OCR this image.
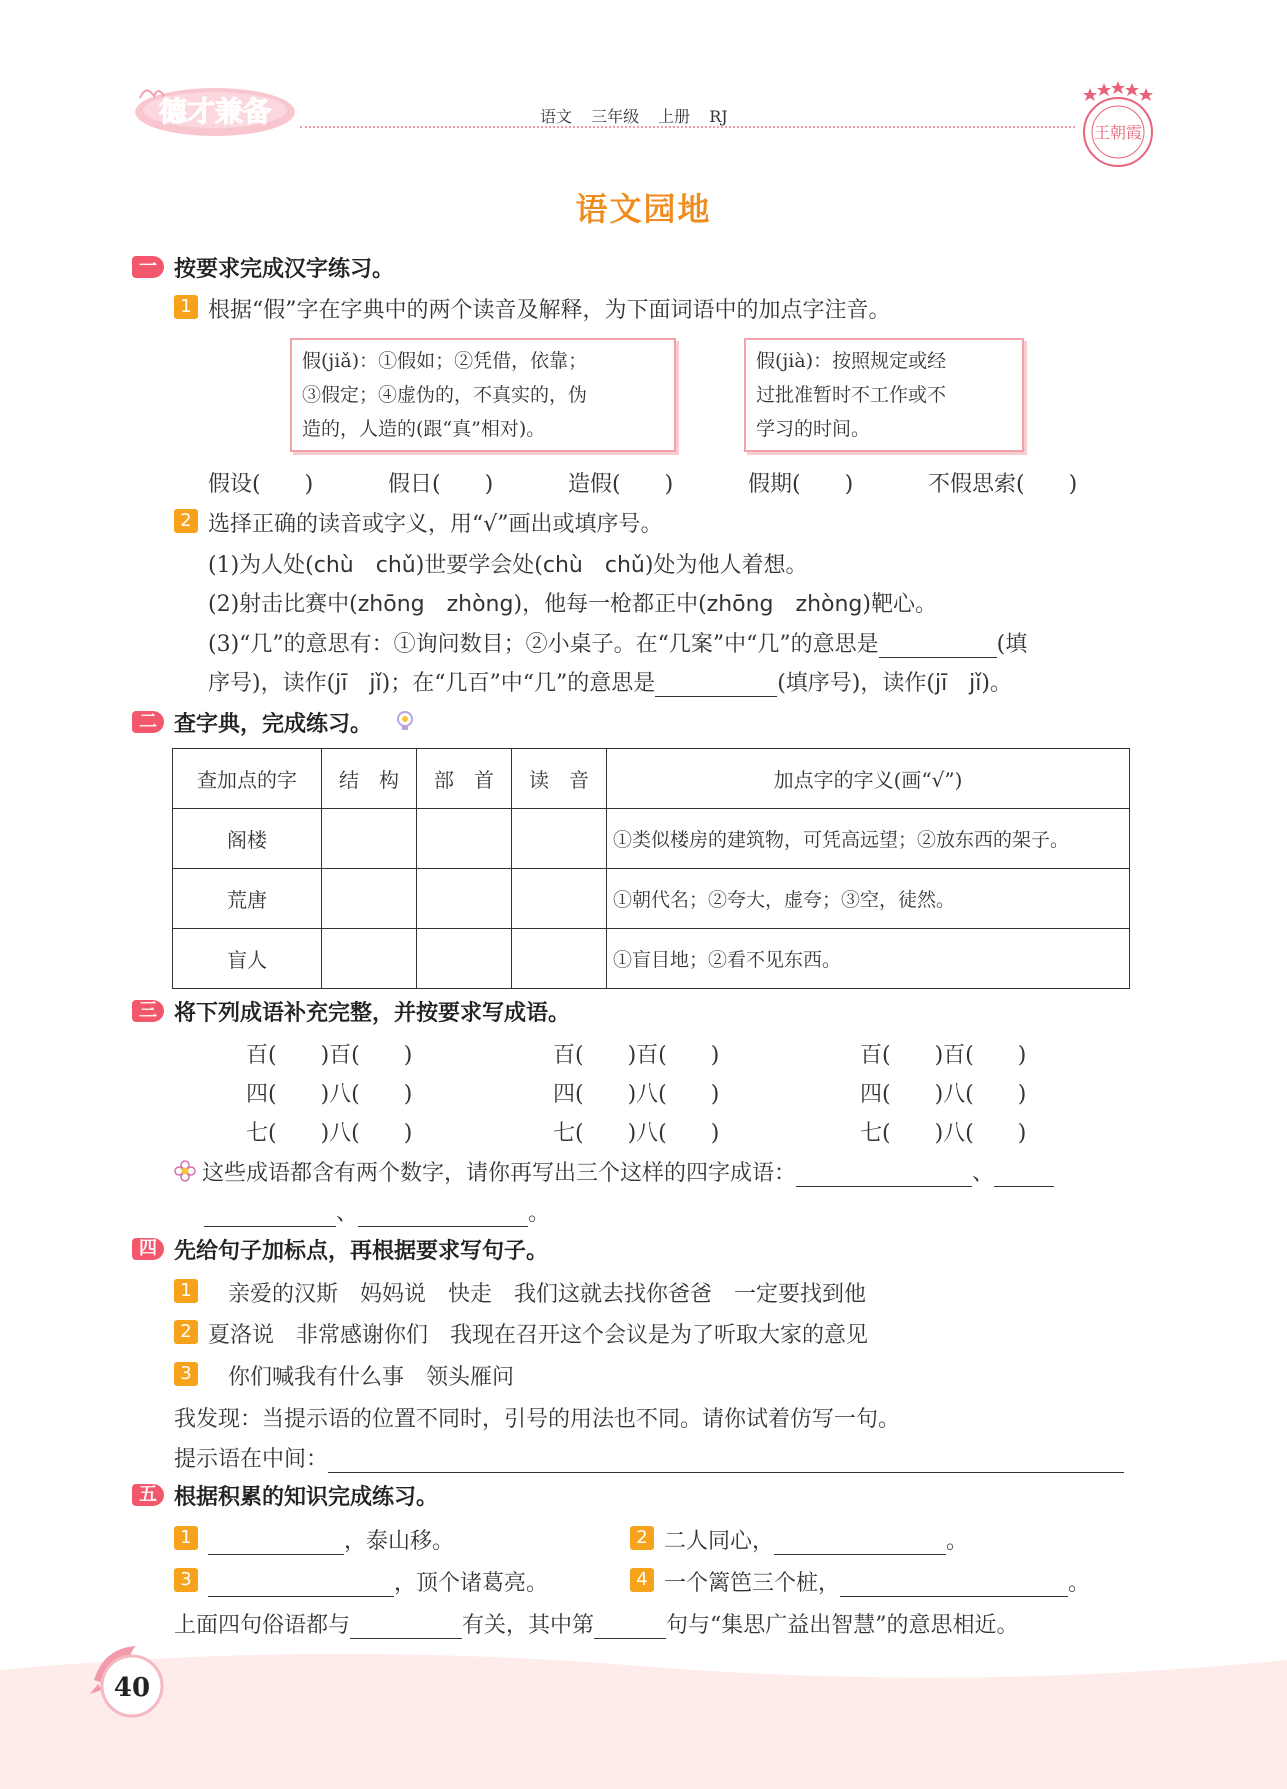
德才兼备	语文 三年级 上册 RJ
王朝霞
语文园地
一 按要求完成汉字练习。
1 根据“假”字在字典中的两个读音及解释，为下面词语中的加点字注音。
假(jiǎ)：①假如；②凭借，依靠；
③假定；④虚伪的，不真实的，伪
造的，人造的(跟“真”相对)。
假(jià)：按照规定或经
过批准暂时不工作或不
学习的时间。
假设(　　)	假日(　　)	造假(　　)	假期(　　)	不假思索(　　)
2 选择正确的读音或字义，用“√”画出或填序号。
(1)为人处(chù　chǔ)世要学会处(chù　chǔ)处为他人着想。
(2)射击比赛中(zhōng　zhòng)，他每一枪都正中(zhōng　zhòng)靶心。
(3)“几”的意思有：①询问数目；②小桌子。在“几案”中“几”的意思是	(填
序号)，读作(jī　jǐ)；在“几百”中“几”的意思是	(填序号)，读作(jī　jǐ)。
二 查字典，完成练习。
查加点的字	结　构	部　首	读　音	加点字的字义(画“√”)
阁楼				①类似楼房的建筑物，可凭高远望；②放东西的架子。
荒唐				①朝代名；②夸大，虚夸；③空，徒然。
盲人				①盲目地；②看不见东西。
三 将下列成语补充完整，并按要求写成语。
百(　　)百(　　)	百(　　)百(　　)	百(　　)百(　　)
四(　　)八(　　)	四(　　)八(　　)	四(　　)八(　　)
七(　　)八(　　)	七(　　)八(　　)	七(　　)八(　　)
这些成语都含有两个数字，请你再写出三个这样的四字成语：	、
、	。
四 先给句子加标点，再根据要求写句子。
1 亲爱的汉斯　妈妈说　快走　我们这就去找你爸爸　一定要找到他
2 夏洛说　非常感谢你们　我现在召开这个会议是为了听取大家的意见
3 你们喊我有什么事　领头雁问
我发现：当提示语的位置不同时，引号的用法也不同。请你试着仿写一句。
提示语在中间：
五 根据积累的知识完成练习。
1	，泰山移。	2 二人同心，	。
3	，顶个诸葛亮。	4 一个篱笆三个桩，	。
上面四句俗语都与	有关，其中第	句与“集思广益出智慧”的意思相近。
40
